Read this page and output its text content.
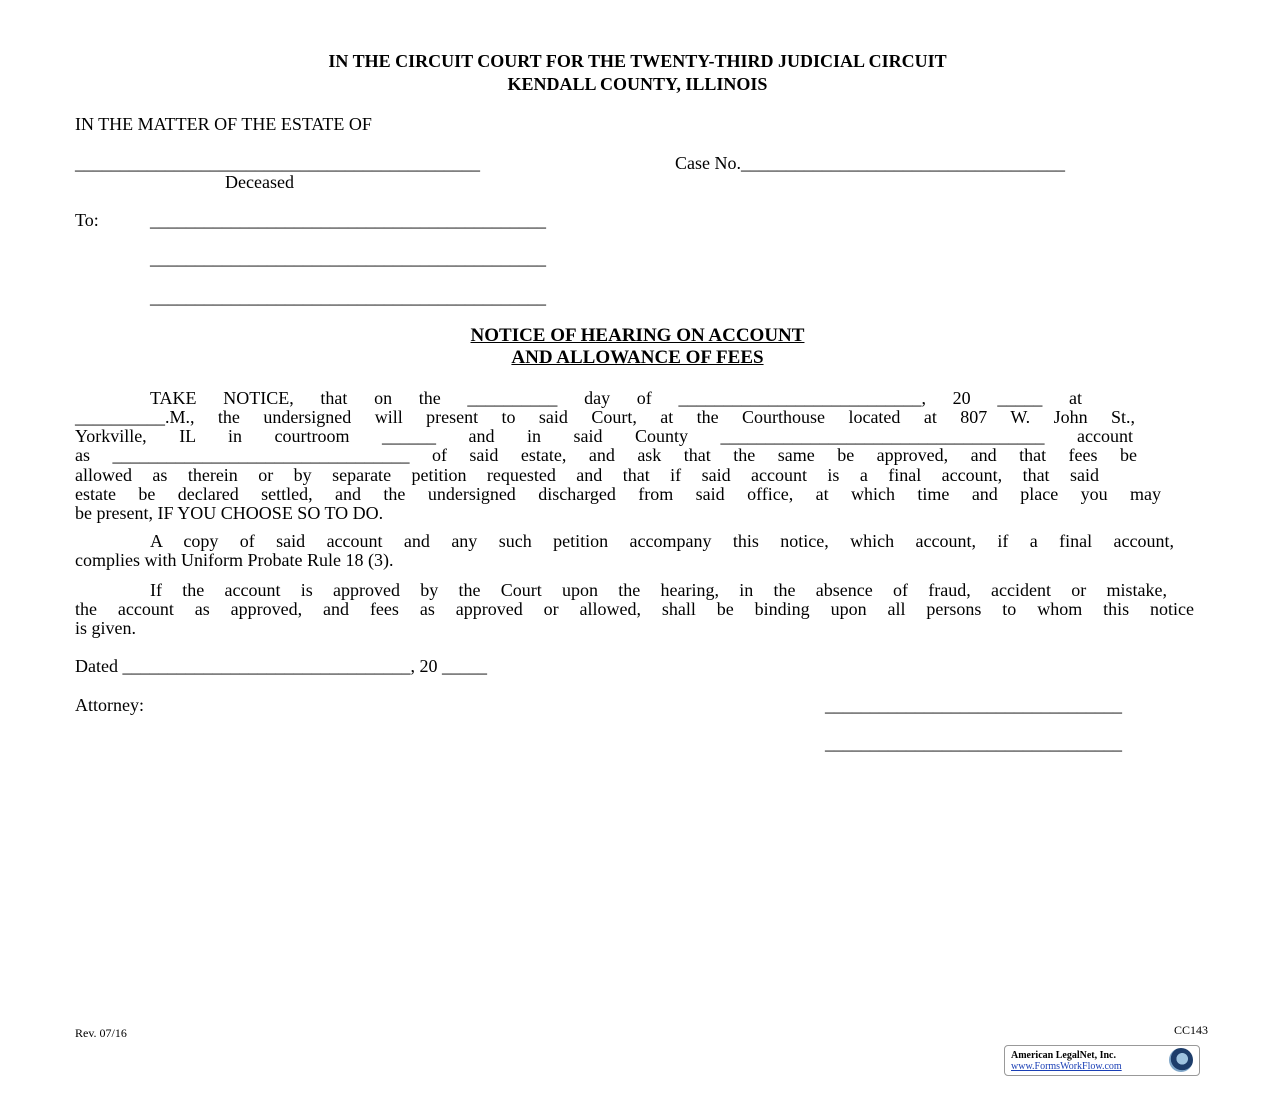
IN THE CIRCUIT COURT FOR THE TWENTY-THIRD JUDICIAL CIRCUIT
KENDALL COUNTY, ILLINOIS
IN THE MATTER OF THE ESTATE OF
_____________________________________________	Case No.____________________________________
Deceased
To:	____________________________________________
____________________________________________
____________________________________________
NOTICE OF HEARING ON ACCOUNT
AND ALLOWANCE OF FEES
TAKE NOTICE, that on the __________ day of ___________________________, 20 _____ at
__________.M., the undersigned will present to said Court, at the Courthouse located at 807 W. John St.,
Yorkville, IL in courtroom ______ and in said County ____________________________________ account
as _________________________________ of said estate, and ask that the same be approved, and that fees be
allowed as therein or by separate petition requested and that if said account is a final account, that said
estate be declared settled, and the undersigned discharged from said office, at which time and place you may
be present, IF YOU CHOOSE SO TO DO.
A copy of said account and any such petition accompany this notice, which account, if a final account,
complies with Uniform Probate Rule 18 (3).
If the account is approved by the Court upon the hearing, in the absence of fraud, accident or mistake,
the account as approved, and fees as approved or allowed, shall be binding upon all persons to whom this notice
is given.
Dated ________________________________, 20 _____
Attorney:	_________________________________
_________________________________
Rev. 07/16	CC143
American LegalNet, Inc.
www.FormsWorkFlow.com
